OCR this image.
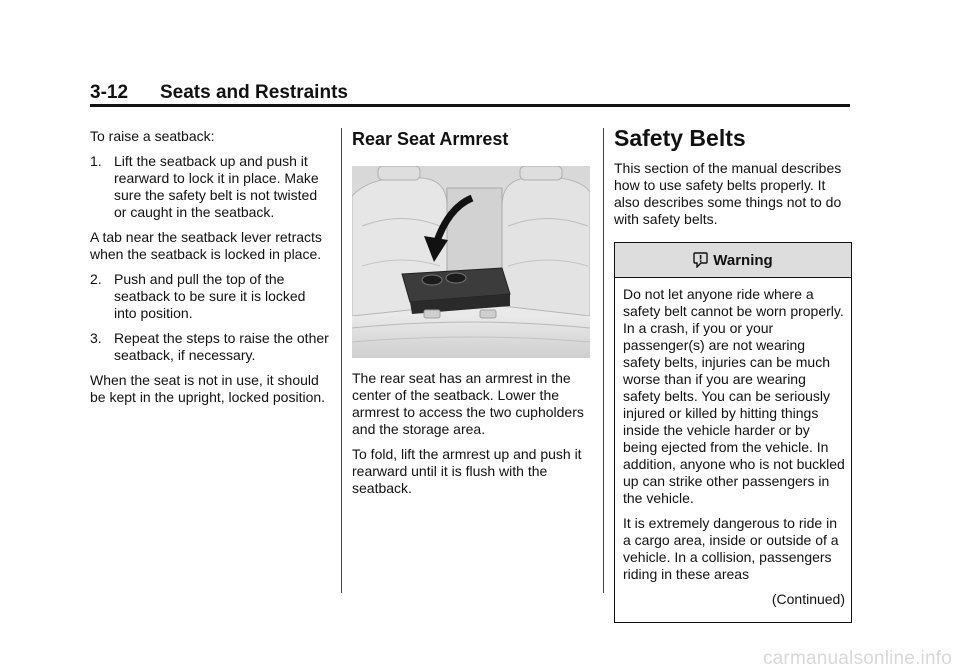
3-12 Seats and Restraints

To raise a seatback:

1. Lift the seatback up and push it rearward to lock it in place. Make sure the safety belt is not twisted or caught in the seatback.

A tab near the seatback lever retracts when the seatback is locked in place.

2. Push and pull the top of the seatback to be sure it is locked into position.
3. Repeat the steps to raise the other seatback, if necessary.

When the seat is not in use, it should be kept in the upright, locked position.

Rear Seat Armrest

The rear seat has an armrest in the center of the seatback. Lower the armrest to access the two cupholders and the storage area.

To fold, lift the armrest up and push it rearward until it is flush with the seatback.

Safety Belts

This section of the manual describes how to use safety belts properly. It also describes some things not to do with safety belts.

Warning

Do not let anyone ride where a safety belt cannot be worn properly. In a crash, if you or your passenger(s) are not wearing safety belts, injuries can be much worse than if you are wearing safety belts. You can be seriously injured or killed by hitting things inside the vehicle harder or by being ejected from the vehicle. In addition, anyone who is not buckled up can strike other passengers in the vehicle.

It is extremely dangerous to ride in a cargo area, inside or outside of a vehicle. In a collision, passengers riding in these areas

(Continued)

carmanualsonline.info
